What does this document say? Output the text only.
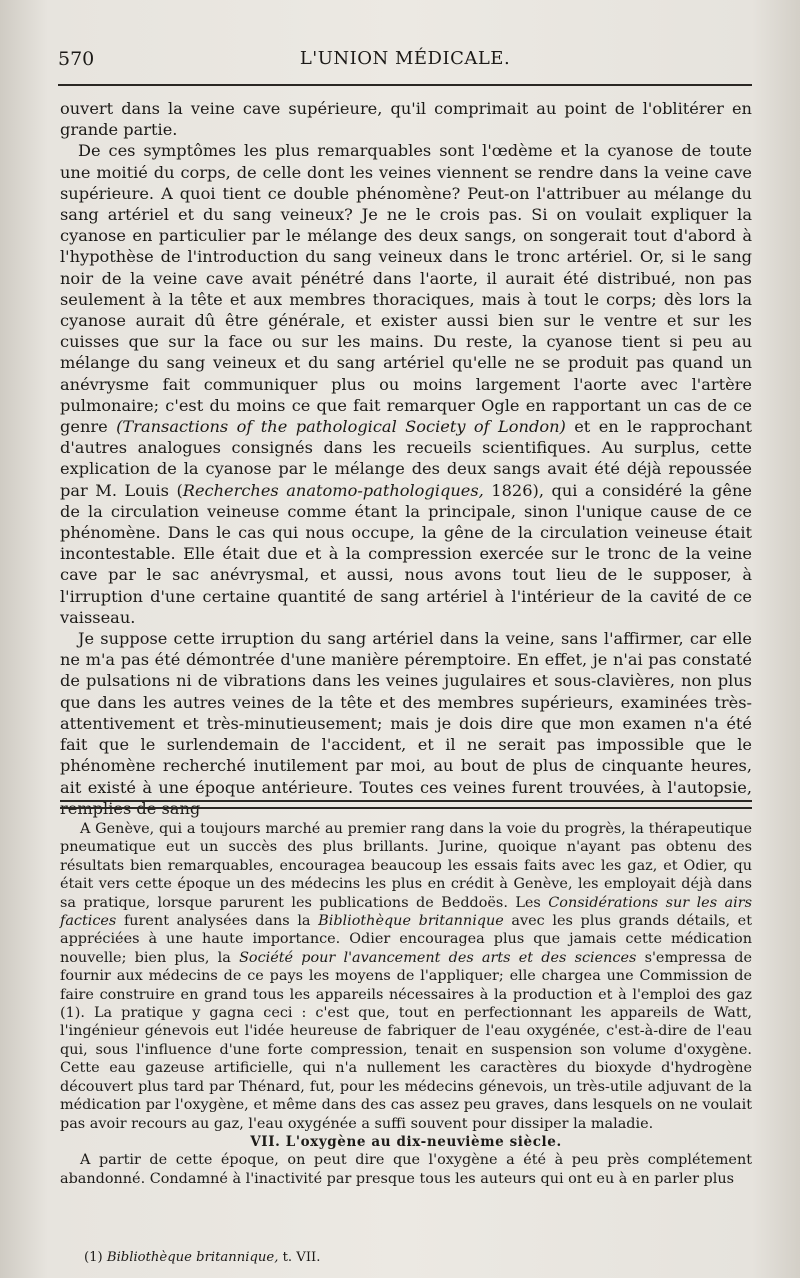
570	L'UNION MÉDICALE.

ouvert dans la veine cave supérieure, qu'il comprimait au point de l'oblitérer en grande partie.

De ces symptômes les plus remarquables sont l'œdème et la cyanose de toute une moitié du corps, de celle dont les veines viennent se rendre dans la veine cave supérieure. A quoi tient ce double phénomène? Peut-on l'attribuer au mélange du sang artériel et du sang veineux? Je ne le crois pas. Si on voulait expliquer la cyanose en particulier par le mélange des deux sangs, on songerait tout d'abord à l'hypothèse de l'introduction du sang veineux dans le tronc artériel. Or, si le sang noir de la veine cave avait pénétré dans l'aorte, il aurait été distribué, non pas seulement à la tête et aux membres thoraciques, mais à tout le corps; dès lors la cyanose aurait dû être générale, et exister aussi bien sur le ventre et sur les cuisses que sur la face ou sur les mains. Du reste, la cyanose tient si peu au mélange du sang veineux et du sang artériel qu'elle ne se produit pas quand un anévrysme fait communiquer plus ou moins largement l'aorte avec l'artère pulmonaire; c'est du moins ce que fait remarquer Ogle en rapportant un cas de ce genre (Transactions of the pathological Society of London) et en le rapprochant d'autres analogues consignés dans les recueils scientifiques. Au surplus, cette explication de la cyanose par le mélange des deux sangs avait été déjà repoussée par M. Louis (Recherches anatomo-pathologiques, 1826), qui a considéré la gêne de la circulation veineuse comme étant la principale, sinon l'unique cause de ce phénomène. Dans le cas qui nous occupe, la gêne de la circulation veineuse était incontestable. Elle était due et à la compression exercée sur le tronc de la veine cave par le sac anévrysmal, et aussi, nous avons tout lieu de le supposer, à l'irruption d'une certaine quantité de sang artériel à l'intérieur de la cavité de ce vaisseau.

Je suppose cette irruption du sang artériel dans la veine, sans l'affirmer, car elle ne m'a pas été démontrée d'une manière péremptoire. En effet, je n'ai pas constaté de pulsations ni de vibrations dans les veines jugulaires et sous-clavières, non plus que dans les autres veines de la tête et des membres supérieurs, examinées très-attentivement et très-minutieusement; mais je dois dire que mon examen n'a été fait que le surlendemain de l'accident, et il ne serait pas impossible que le phénomène recherché inutilement par moi, au bout de plus de cinquante heures, ait existé à une époque antérieure. Toutes ces veines furent trouvées, à l'autopsie, remplies de sang

A Genève, qui a toujours marché au premier rang dans la voie du progrès, la thérapeutique pneumatique eut un succès des plus brillants. Jurine, quoique n'ayant pas obtenu des résultats bien remarquables, encouragea beaucoup les essais faits avec les gaz, et Odier, qu était vers cette époque un des médecins les plus en crédit à Genève, les employait déjà dans sa pratique, lorsque parurent les publications de Beddoës. Les Considérations sur les airs factices furent analysées dans la Bibliothèque britannique avec les plus grands détails, et appréciées à une haute importance. Odier encouragea plus que jamais cette médication nouvelle; bien plus, la Société pour l'avancement des arts et des sciences s'empressa de fournir aux médecins de ce pays les moyens de l'appliquer; elle chargea une Commission de faire construire en grand tous les appareils nécessaires à la production et à l'emploi des gaz (1). La pratique y gagna ceci : c'est que, tout en perfectionnant les appareils de Watt, l'ingénieur génevois eut l'idée heureuse de fabriquer de l'eau oxygénée, c'est-à-dire de l'eau qui, sous l'influence d'une forte compression, tenait en suspension son volume d'oxygène. Cette eau gazeuse artificielle, qui n'a nullement les caractères du bioxyde d'hydrogène découvert plus tard par Thénard, fut, pour les médecins génevois, un très-utile adjuvant de la médication par l'oxygène, et même dans des cas assez peu graves, dans lesquels on ne voulait pas avoir recours au gaz, l'eau oxygénée a suffi souvent pour dissiper la maladie.

VII. L'oxygène au dix-neuvième siècle.

A partir de cette époque, on peut dire que l'oxygène a été à peu près complétement abandonné. Condamné à l'inactivité par presque tous les auteurs qui ont eu à en parler plus

(1) Bibliothèque britannique, t. VII.
